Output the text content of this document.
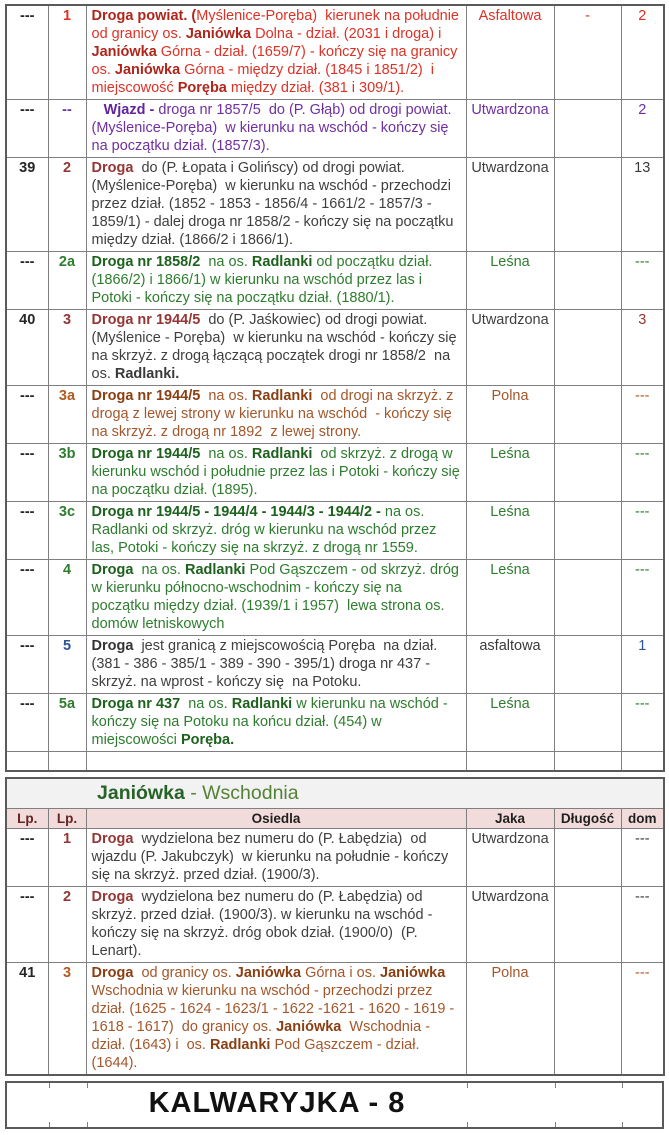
---	1	Droga powiat. (Myślenice-Poręba)  kierunek na południe od granicy os. Janiówka Dolna - dział. (2031 i droga) i Janiówka Górna - dział. (1659/7) - kończy się na granicy os. Janiówka Górna - między dział. (1845 i 1851/2)  i miejscowość Poręba między dział. (381 i 309/1).	Asfaltowa	-	2
---	--	Wjazd - droga nr 1857/5  do (P. Głąb) od drogi powiat. (Myślenice-Poręba)  w kierunku na wschód - kończy się na początku dział. (1857/3).	Utwardzona		2
39	2	Droga  do (P. Łopata i Golińscy) od drogi powiat. (Myślenice-Poręba)  w kierunku na wschód - przechodzi przez dział. (1852 - 1853 - 1856/4 - 1661/2 - 1857/3 - 1859/1) - dalej droga nr 1858/2 - kończy się na początku między dział. (1866/2 i 1866/1).	Utwardzona		13
---	2a	Droga nr 1858/2  na os. Radlanki od początku dział. (1866/2) i 1866/1) w kierunku na wschód przez las i Potoki - kończy się na początku dział. (1880/1).	Leśna		---
40	3	Droga nr 1944/5  do (P. Jaśkowiec) od drogi powiat. (Myślenice - Poręba)  w kierunku na wschód - kończy się na skrzyż. z drogą łączącą początek drogi nr 1858/2  na  os. Radlanki.	Utwardzona		3
---	3a	Droga nr 1944/5  na os. Radlanki  od drogi na skrzyż. z drogą z lewej strony w kierunku na wschód  - kończy się na skrzyż. z drogą nr 1892  z lewej strony.	Polna		---
---	3b	Droga nr 1944/5  na os. Radlanki  od skrzyż. z drogą w kierunku wschód i południe przez las i Potoki - kończy się na początku dział. (1895).	Leśna		---
---	3c	Droga nr 1944/5 - 1944/4 - 1944/3 - 1944/2 - na os.  Radlanki od skrzyż. dróg w kierunku na wschód przez las, Potoki - kończy się na skrzyż. z drogą nr 1559.	Leśna		---
---	4	Droga  na os. Radlanki Pod Gąszczem - od skrzyż. dróg w kierunku północno-wschodnim - kończy się na początku między dział. (1939/1 i 1957)  lewa strona os. domów letniskowych	Leśna		---
---	5	Droga  jest granicą z miejscowością Poręba  na dział. (381 - 386 - 385/1 - 389 - 390 - 395/1) droga nr 437 - skrzyż. na wprost - kończy się  na Potoku.	asfaltowa		1
---	5a	Droga nr 437  na os. Radlanki w kierunku na wschód - kończy się na Potoku na końcu dział. (454) w miejscowości Poręba.	Leśna		---

Janiówka - Wschodnia					

Lp.	Lp.	Osiedla	Jaka	Długość	dom
---	1	Droga  wydzielona bez numeru do (P. Łabędzia)  od wjazdu (P. Jakubczyk)  w kierunku na południe - kończy się na skrzyż. przed dział. (1900/3).	Utwardzona		---
---	2	Droga  wydzielona bez numeru do (P. Łabędzia) od  skrzyż. przed dział. (1900/3). w kierunku na wschód - kończy się na skrzyż. dróg obok dział. (1900/0)  (P. Lenart).	Utwardzona		---
41	3	Droga  od granicy os. Janiówka Górna i os. Janiówka Wschodnia w kierunku na wschód - przechodzi przez dział. (1625 - 1624 - 1623/1 - 1622 -1621 - 1620 - 1619 - 1618 - 1617)  do granicy os. Janiówka  Wschodnia - dział. (1643) i  os. Radlanki Pod Gąszczem - dział. (1644).	Polna		---
KALWARYJKA - 8
